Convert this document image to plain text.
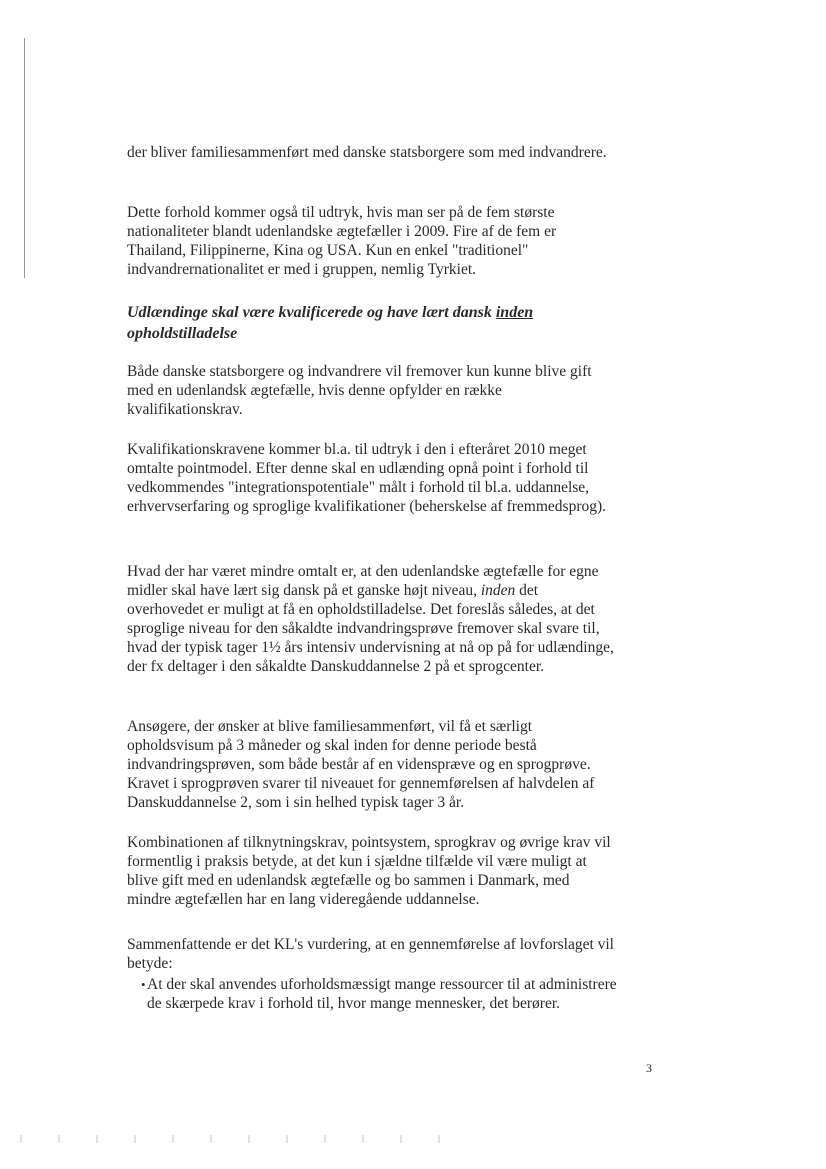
der bliver familiesammenført med danske statsborgere som med indvandrere.

Dette forhold kommer også til udtryk, hvis man ser på de fem største nationaliteter blandt udenlandske ægtefæller i 2009. Fire af de fem er Thailand, Filippinerne, Kina og USA. Kun en enkel "traditionel" indvandrernationalitet er med i gruppen, nemlig Tyrkiet.

Udlændinge skal være kvalificerede og have lært dansk inden opholdstilladelse

Både danske statsborgere og indvandrere vil fremover kun kunne blive gift med en udenlandsk ægtefælle, hvis denne opfylder en række kvalifikationskrav.

Kvalifikationskravene kommer bl.a. til udtryk i den i efteråret 2010 meget omtalte pointmodel. Efter denne skal en udlænding opnå point i forhold til vedkommendes "integrationspotentiale" målt i forhold til bl.a. uddannelse, erhvervserfaring og sproglige kvalifikationer (beherskelse af fremmedsprog).

Hvad der har været mindre omtalt er, at den udenlandske ægtefælle for egne midler skal have lært sig dansk på et ganske højt niveau, inden det overhovedet er muligt at få en opholdstilladelse. Det foreslås således, at det sproglige niveau for den såkaldte indvandringsprøve fremover skal svare til, hvad der typisk tager 1½ års intensiv undervisning at nå op på for udlændinge, der fx deltager i den såkaldte Danskuddannelse 2 på et sprogcenter.

Ansøgere, der ønsker at blive familiesammenført, vil få et særligt opholdsvisum på 3 måneder og skal inden for denne periode bestå indvandringsprøven, som både består af en videnspræve og en sprogprøve. Kravet i sprogprøven svarer til niveauet for gennemførelsen af halvdelen af Danskuddannelse 2, som i sin helhed typisk tager 3 år.

Kombinationen af tilknytningskrav, pointsystem, sprogkrav og øvrige krav vil formentlig i praksis betyde, at det kun i sjældne tilfælde vil være muligt at blive gift med en udenlandsk ægtefælle og bo sammen i Danmark, med mindre ægtefællen har en lang videregående uddannelse.

Sammenfattende er det KL's vurdering, at en gennemførelse af lovforslaget vil betyde:

• At der skal anvendes uforholdsmæssigt mange ressourcer til at administrere de skærpede krav i forhold til, hvor mange mennesker, det berører.
3
